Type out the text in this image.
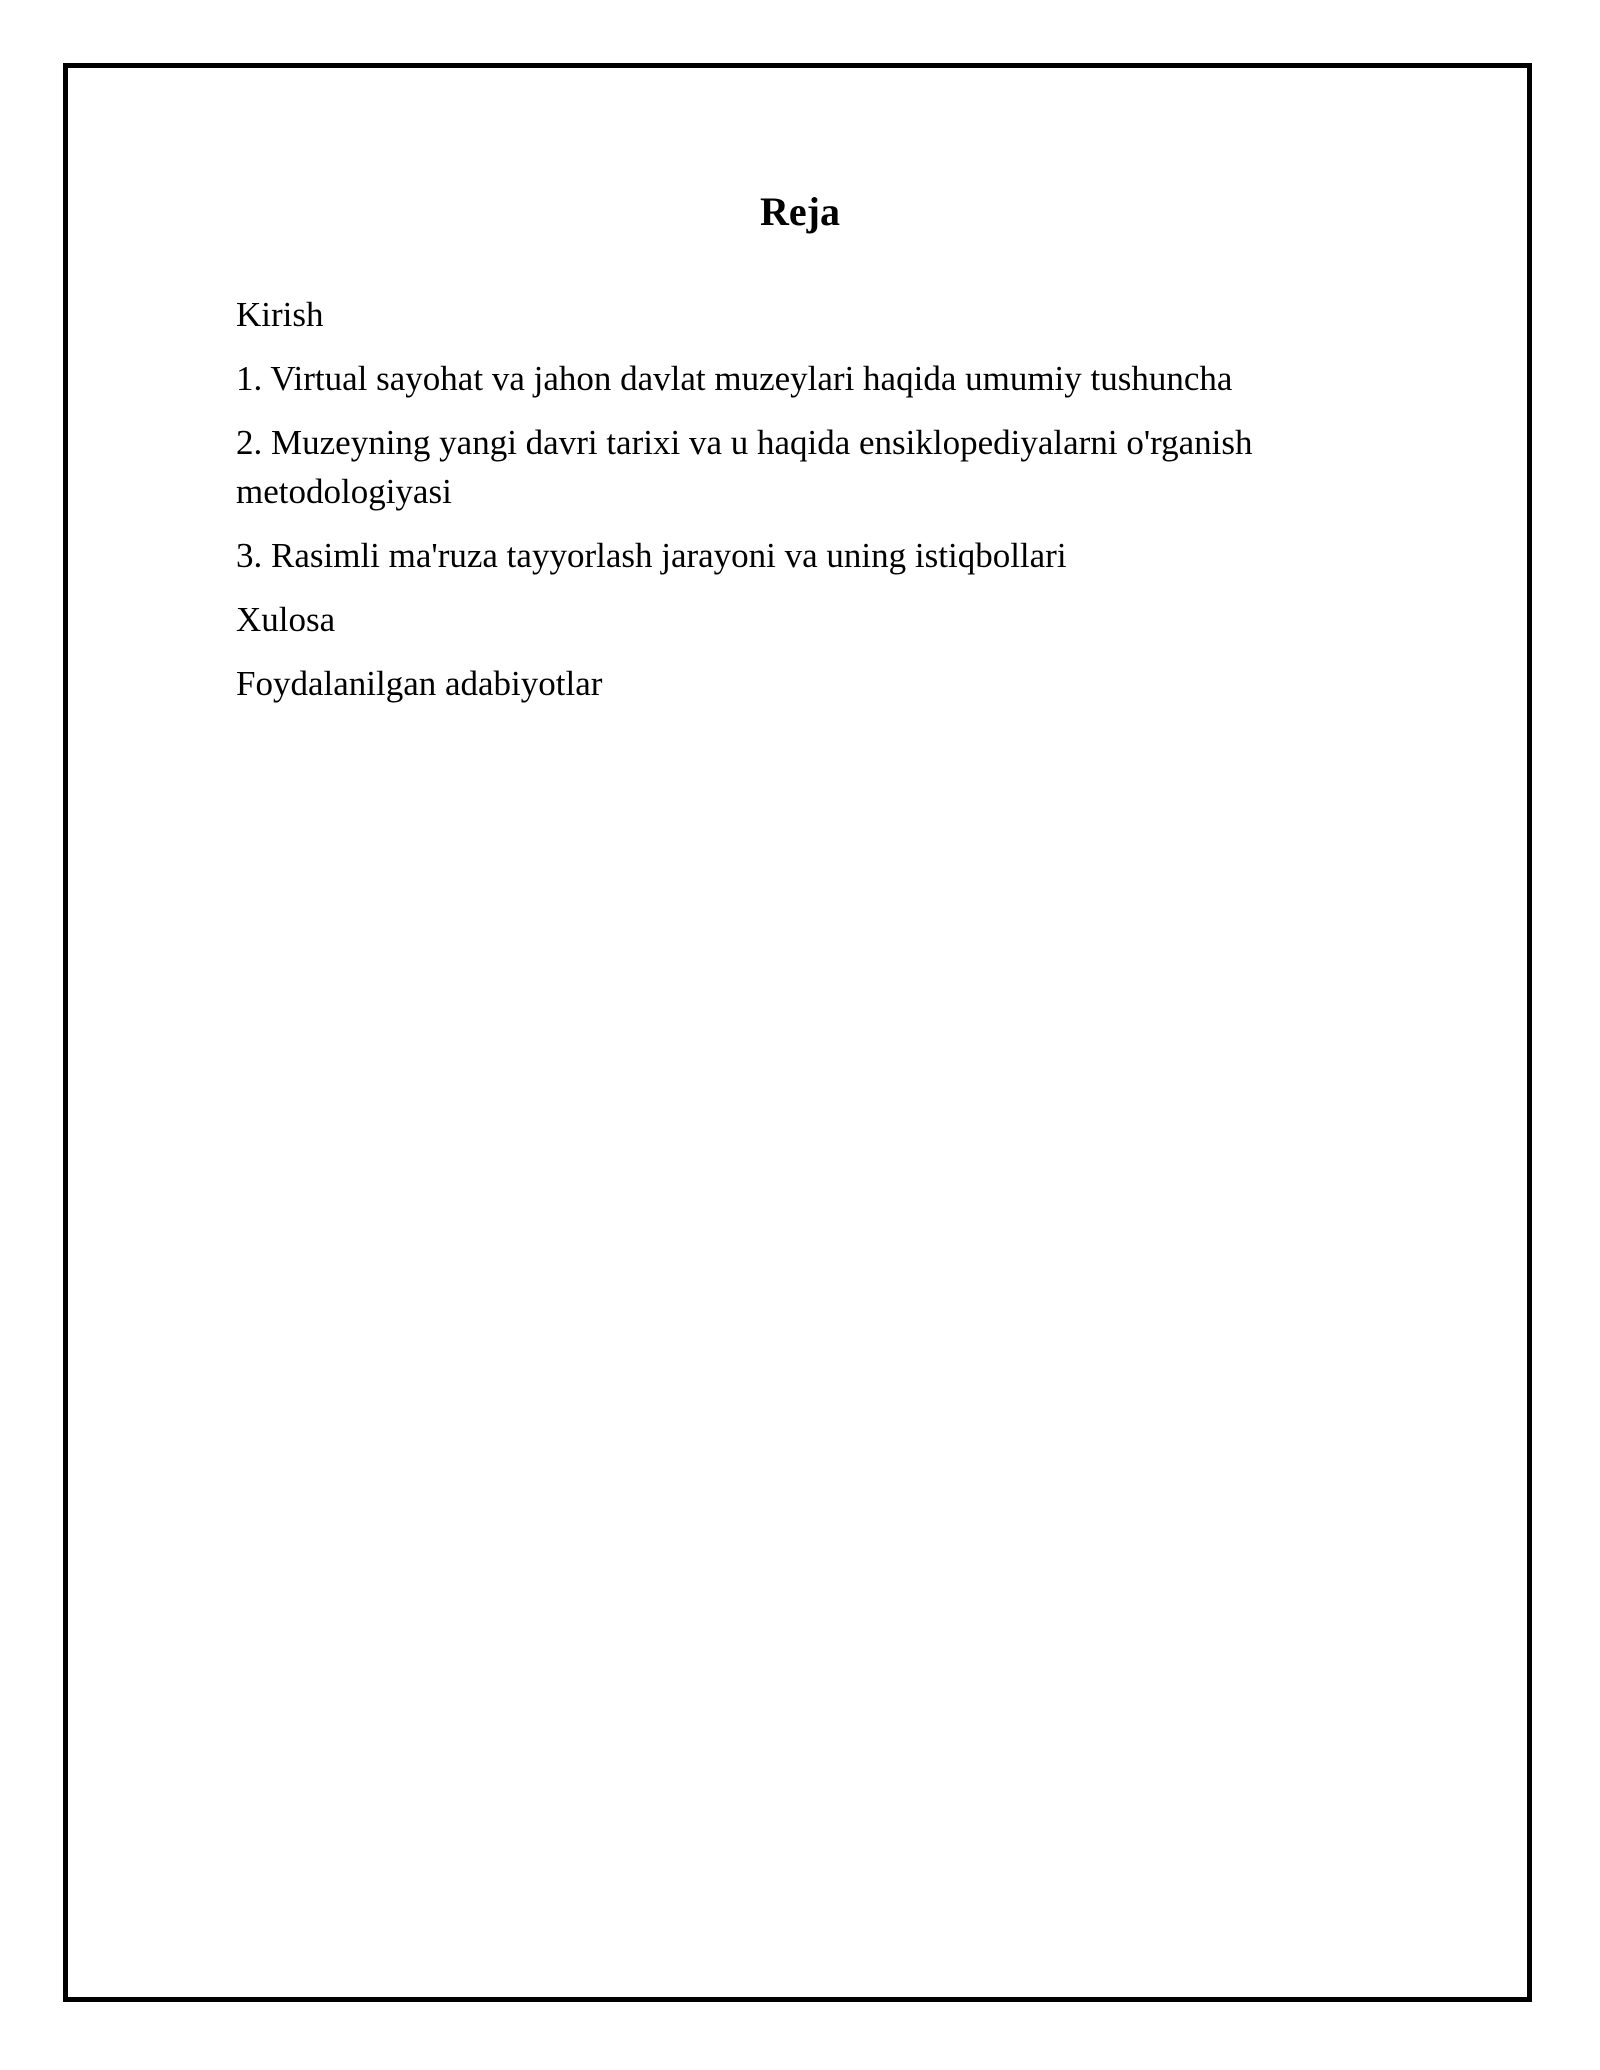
Reja
Kirish
1. Virtual sayohat va jahon davlat muzeylari haqida umumiy tushuncha
2. Muzeyning yangi davri tarixi va u haqida ensiklopediyalarni o'rganish metodologiyasi
3. Rasimli ma'ruza tayyorlash jarayoni va uning istiqbollari
Xulosa
Foydalanilgan adabiyotlar
